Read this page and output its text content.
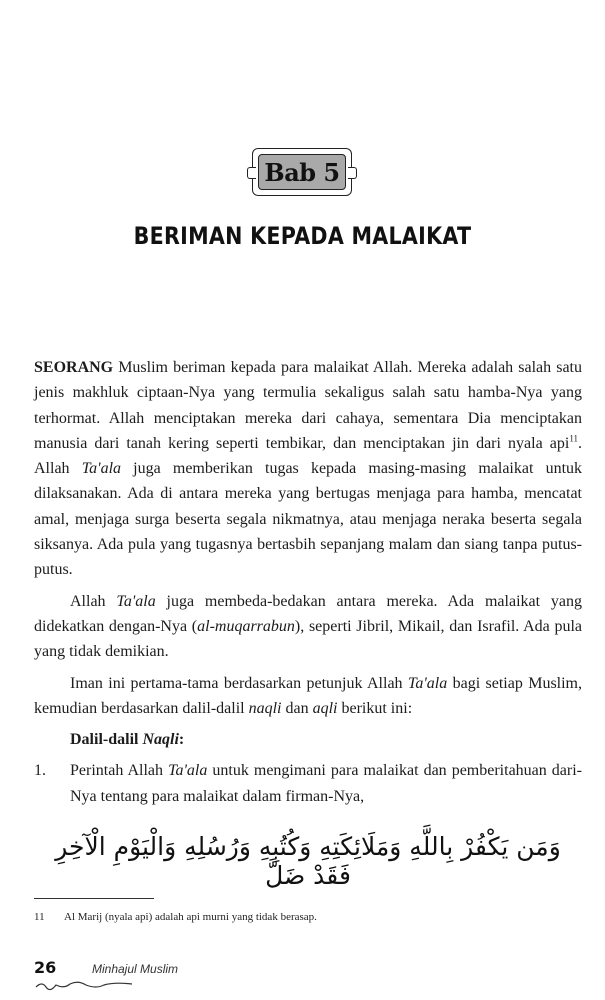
Bab 5
BERIMAN KEPADA MALAIKAT

SEORANG Muslim beriman kepada para malaikat Allah. Mereka adalah salah satu jenis makhluk ciptaan-Nya yang termulia sekaligus salah satu hamba-Nya yang terhormat. Allah menciptakan mereka dari cahaya, sementara Dia menciptakan manusia dari tanah kering seperti tembikar, dan menciptakan jin dari nyala api$^{11}$. Allah Ta'ala juga memberikan tugas kepada masing-masing malaikat untuk dilaksanakan. Ada di antara mereka yang bertugas menjaga para hamba, mencatat amal, menjaga surga beserta segala nikmatnya, atau menjaga neraka beserta segala siksanya. Ada pula yang tugasnya bertasbih sepanjang malam dan siang tanpa putus-putus.

Allah Ta'ala juga membeda-bedakan antara mereka. Ada malaikat yang didekatkan dengan-Nya (al-muqarrabun), seperti Jibril, Mikail, dan Israfil. Ada pula yang tidak demikian.

Iman ini pertama-tama berdasarkan petunjuk Allah Ta'ala bagi setiap Muslim, kemudian berdasarkan dalil-dalil naqli dan aqli berikut ini:

Dalil-dalil Naqli:

1.	Perintah Allah Ta'ala untuk mengimani para malaikat dan pemberitahuan dari-Nya tentang para malaikat dalam firman-Nya,
وَمَن يَكْفُرْ بِاللَّهِ وَمَلَائِكَتِهِ وَكُتُبِهِ وَرُسُلِهِ وَالْيَوْمِ الْآخِرِ فَقَدْ ضَلَّ
11 Al Marij (nyala api) adalah api murni yang tidak berasap.
26	Minhajul Muslim
